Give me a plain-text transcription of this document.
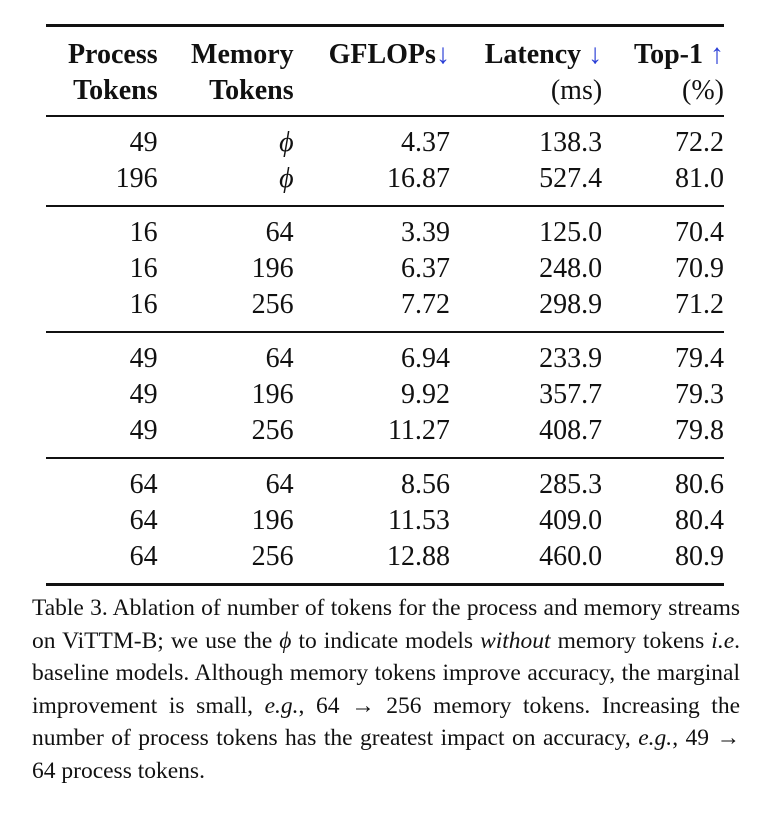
Process	Memory	GFLOPs↓	Latency ↓	Top-1 ↑
Tokens	Tokens		(ms)	(%)
49	ϕ	4.37	138.3	72.2
196	ϕ	16.87	527.4	81.0
16	64	3.39	125.0	70.4
16	196	6.37	248.0	70.9
16	256	7.72	298.9	71.2
49	64	6.94	233.9	79.4
49	196	9.92	357.7	79.3
49	256	11.27	408.7	79.8
64	64	8.56	285.3	80.6
64	196	11.53	409.0	80.4
64	256	12.88	460.0	80.9
Table 3. Ablation of number of tokens for the process and memory streams on ViTTM-B; we use the ϕ to indicate models without memory tokens i.e. baseline models. Although memory tokens improve accuracy, the marginal improvement is small, e.g., 64 → 256 memory tokens. Increasing the number of process tokens has the greatest impact on accuracy, e.g., 49 → 64 process tokens.
